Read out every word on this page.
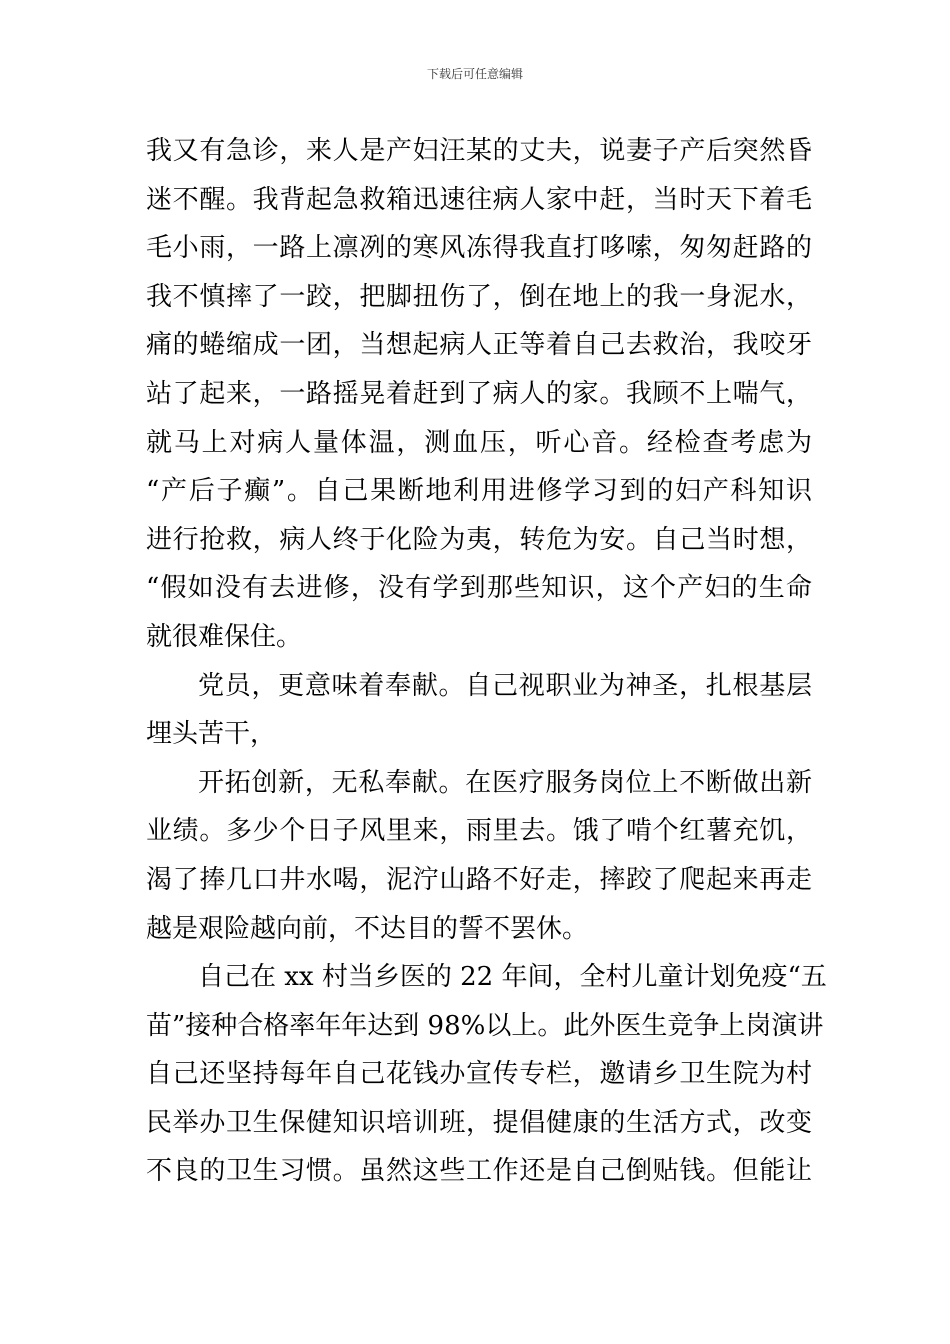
下载后可任意编辑
我又有急诊，来人是产妇汪某的丈夫，说妻子产后突然昏
迷不醒。我背起急救箱迅速往病人家中赶，当时天下着毛
毛小雨，一路上凛冽的寒风冻得我直打哆嗦，匆匆赶路的
我不慎摔了一跤，把脚扭伤了，倒在地上的我一身泥水，
痛的蜷缩成一团，当想起病人正等着自己去救治，我咬牙
站了起来，一路摇晃着赶到了病人的家。我顾不上喘气，
就马上对病人量体温，测血压，听心音。经检查考虑为
“产后子癫”。自己果断地利用进修学习到的妇产科知识
进行抢救，病人终于化险为夷，转危为安。自己当时想，
“假如没有去进修，没有学到那些知识，这个产妇的生命
就很难保住。
党员，更意味着奉献。自己视职业为神圣，扎根基层
埋头苦干，
开拓创新，无私奉献。在医疗服务岗位上不断做出新
业绩。多少个日子风里来，雨里去。饿了啃个红薯充饥，
渴了捧几口井水喝，泥泞山路不好走，摔跤了爬起来再走
越是艰险越向前，不达目的誓不罢休。
自己在 xx 村当乡医的 22 年间，全村儿童计划免疫“五
苗”接种合格率年年达到 98%以上。此外医生竞争上岗演讲
自己还坚持每年自己花钱办宣传专栏，邀请乡卫生院为村
民举办卫生保健知识培训班，提倡健康的生活方式，改变
不良的卫生习惯。虽然这些工作还是自己倒贴钱。但能让
